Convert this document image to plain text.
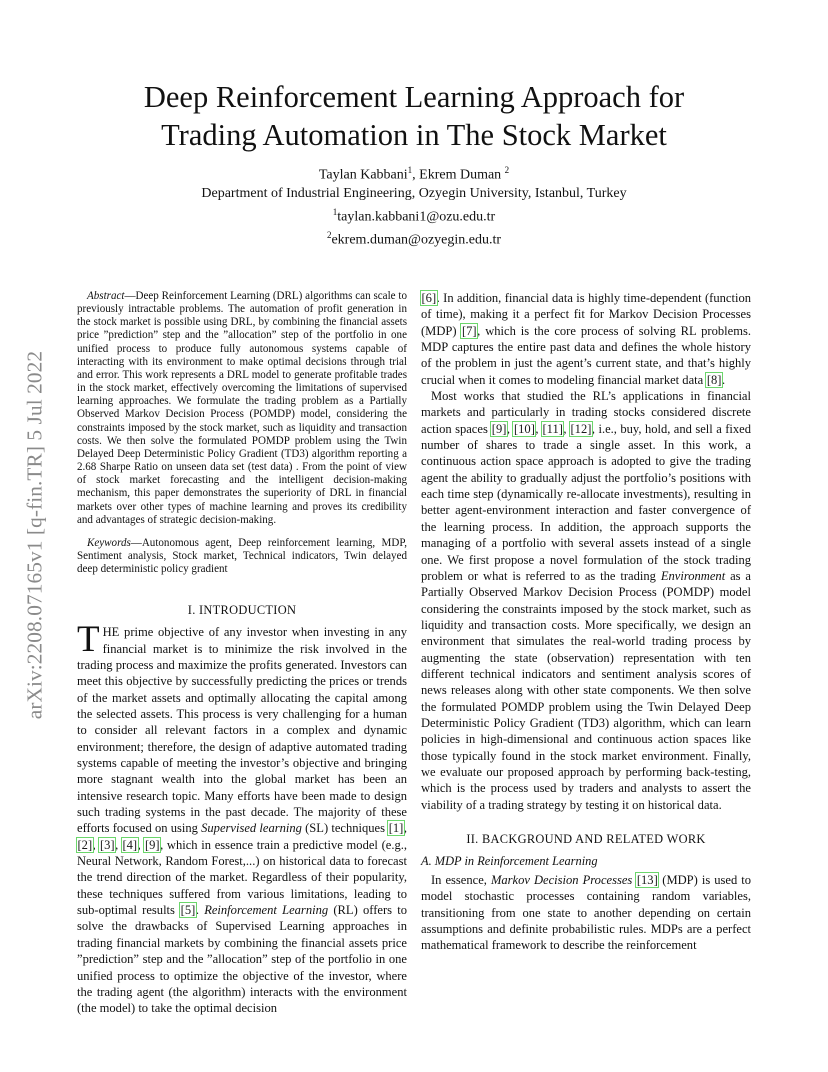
Deep Reinforcement Learning Approach for
Trading Automation in The Stock Market
Taylan Kabbani$^1$, Ekrem Duman $^2$
Department of Industrial Engineering, Ozyegin University, Istanbul, Turkey
$^1$taylan.kabbani1@ozu.edu.tr
$^2$ekrem.duman@ozyegin.edu.tr
arXiv:2208.07165v1 [q-fin.TR] 5 Jul 2022

Abstract—Deep Reinforcement Learning (DRL) algorithms can scale to previously intractable problems. The automation of profit generation in the stock market is possible using DRL, by combining the financial assets price ”prediction” step and the ”allocation” step of the portfolio in one unified process to produce fully autonomous systems capable of interacting with its environment to make optimal decisions through trial and error. This work represents a DRL model to generate profitable trades in the stock market, effectively overcoming the limitations of supervised learning approaches. We formulate the trading problem as a Partially Observed Markov Decision Process (POMDP) model, considering the constraints imposed by the stock market, such as liquidity and transaction costs. We then solve the formulated POMDP problem using the Twin Delayed Deep Deterministic Policy Gradient (TD3) algorithm reporting a 2.68 Sharpe Ratio on unseen data set (test data) . From the point of view of stock market forecasting and the intelligent decision-making mechanism, this paper demonstrates the superiority of DRL in financial markets over other types of machine learning and proves its credibility and advantages of strategic decision-making.

Keywords—Autonomous agent, Deep reinforcement learning, MDP, Sentiment analysis, Stock market, Technical indicators, Twin delayed deep deterministic policy gradient

I. INTRODUCTION

THE prime objective of any investor when investing in any financial market is to minimize the risk involved in the trading process and maximize the profits generated. Investors can meet this objective by successfully predicting the prices or trends of the market assets and optimally allocating the capital among the selected assets. This process is very challenging for a human to consider all relevant factors in a complex and dynamic environment; therefore, the design of adaptive automated trading systems capable of meeting the investor’s objective and bringing more stagnant wealth into the global market has been an intensive research topic. Many efforts have been made to design such trading systems in the past decade. The majority of these efforts focused on using Supervised learning (SL) techniques [1], [2], [3], [4], [9], which in essence train a predictive model (e.g., Neural Network, Random Forest,...) on historical data to forecast the trend direction of the market. Regardless of their popularity, these techniques suffered from various limitations, leading to sub-optimal results [5]. Reinforcement Learning (RL) offers to solve the drawbacks of Supervised Learning approaches in trading financial markets by combining the financial assets price ”prediction” step and the ”allocation” step of the portfolio in one unified process to optimize the objective of the investor, where the trading agent (the algorithm) interacts with the environment (the model) to take the optimal decision

[6]. In addition, financial data is highly time-dependent (function of time), making it a perfect fit for Markov Decision Processes (MDP) [7], which is the core process of solving RL problems. MDP captures the entire past data and defines the whole history of the problem in just the agent’s current state, and that’s highly crucial when it comes to modeling financial market data [8].

Most works that studied the RL’s applications in financial markets and particularly in trading stocks considered discrete action spaces [9], [10], [11], [12], i.e., buy, hold, and sell a fixed number of shares to trade a single asset. In this work, a continuous action space approach is adopted to give the trading agent the ability to gradually adjust the portfolio’s positions with each time step (dynamically re-allocate investments), resulting in better agent-environment interaction and faster convergence of the learning process. In addition, the approach supports the managing of a portfolio with several assets instead of a single one. We first propose a novel formulation of the stock trading problem or what is referred to as the trading Environment as a Partially Observed Markov Decision Process (POMDP) model considering the constraints imposed by the stock market, such as liquidity and transaction costs. More specifically, we design an environment that simulates the real-world trading process by augmenting the state (observation) representation with ten different technical indicators and sentiment analysis scores of news releases along with other state components. We then solve the formulated POMDP problem using the Twin Delayed Deep Deterministic Policy Gradient (TD3) algorithm, which can learn policies in high-dimensional and continuous action spaces like those typically found in the stock market environment. Finally, we evaluate our proposed approach by performing back-testing, which is the process used by traders and analysts to assert the viability of a trading strategy by testing it on historical data.

II. BACKGROUND AND RELATED WORK
A. MDP in Reinforcement Learning

In essence, Markov Decision Processes [13] (MDP) is used to model stochastic processes containing random variables, transitioning from one state to another depending on certain assumptions and definite probabilistic rules. MDPs are a perfect mathematical framework to describe the reinforcement
